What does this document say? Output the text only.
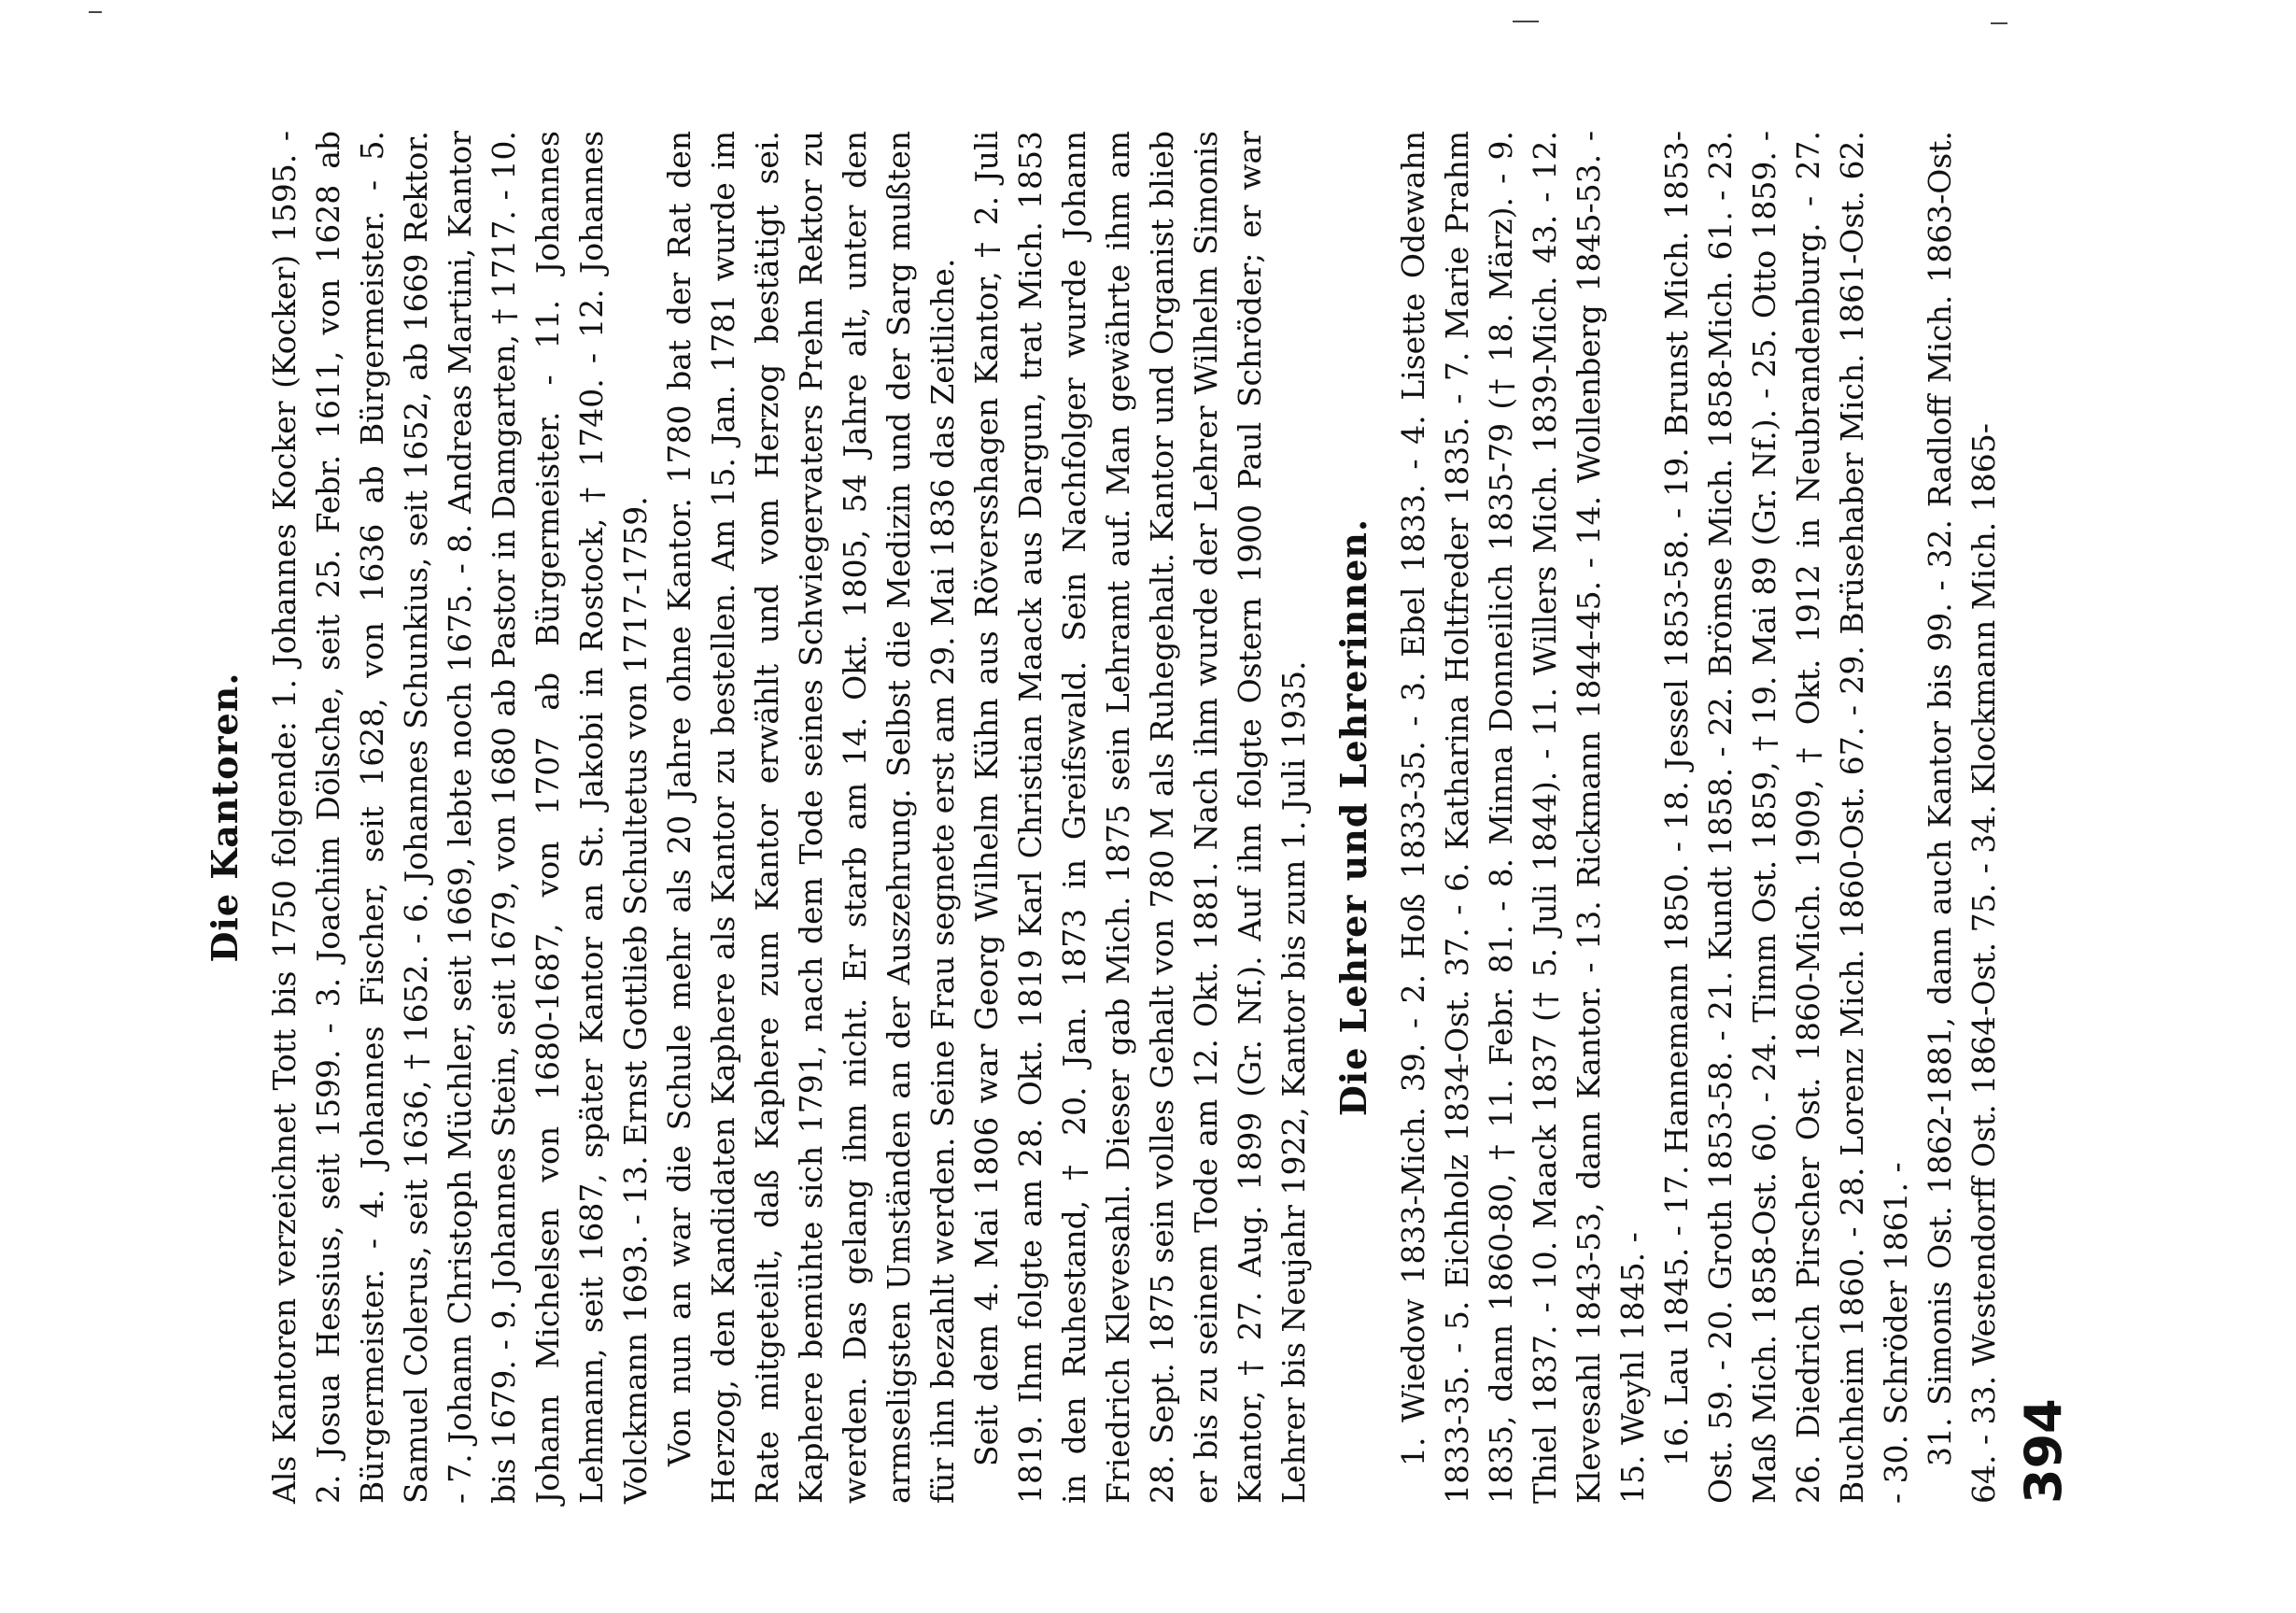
Die Kantoren. Als Kantoren verzeichnet Tott bis 1750 folgende: 1. Johannes Kocker (Kocker) 1595. - 2. Josua Hessius, seit 1599. - 3. Joachim Dölsche, seit 25. Febr. 1611, von 1628 ab Bürgermeister. - 4. Johannes Fischer, seit 1628, von 1636 ab Bürgermeister. - 5. Samuel Colerus, seit 1636, † 1652. - 6. Johannes Schunkius, seit 1652, ab 1669 Rektor. - 7. Johann Christoph Müchler, seit 1669, lebte noch 1675. - 8. Andreas Martini, Kantor bis 1679. - 9. Johannes Stein, seit 1679, von 1680 ab Pastor in Damgarten, † 1717. - 10. Johann Michelsen von 1680-1687, von 1707 ab Bürgermeister. - 11. Johannes Lehmann, seit 1687, später Kantor an St. Jakobi in Rostock, † 1740. - 12. Johannes Volckmann 1693. - 13. Ernst Gottlieb Schultetus von 1717-1759. Von nun an war die Schule mehr als 20 Jahre ohne Kantor. 1780 bat der Rat den Herzog, den Kandidaten Kaphere als Kantor zu bestellen. Am 15. Jan. 1781 wurde im Rate mitgeteilt, daß Kaphere zum Kantor erwählt und vom Herzog bestätigt sei. Kaphere bemühte sich 1791, nach dem Tode seines Schwiegervaters Prehn Rektor zu werden. Das gelang ihm nicht. Er starb am 14. Okt. 1805, 54 Jahre alt, unter den armseligsten Umständen an der Auszehrung. Selbst die Medizin und der Sarg mußten für ihn bezahlt werden. Seine Frau segnete erst am 29. Mai 1836 das Zeitliche. Seit dem 4. Mai 1806 war Georg Wilhelm Kühn aus Röversshagen Kantor, † 2. Juli 1819. Ihm folgte am 28. Okt. 1819 Karl Christian Maack aus Dargun, trat Mich. 1853 in den Ruhestand, † 20. Jan. 1873 in Greifswald. Sein Nachfolger wurde Johann Friedrich Klevesahl. Dieser gab Mich. 1875 sein Lehramt auf. Man gewährte ihm am 28. Sept. 1875 sein volles Gehalt von 780 M als Ruhegehalt. Kantor und Organist blieb er bis zu seinem Tode am 12. Okt. 1881. Nach ihm wurde der Lehrer Wilhelm Simonis Kantor, † 27. Aug. 1899 (Gr. Nf.). Auf ihn folgte Ostern 1900 Paul Schröder; er war Lehrer bis Neujahr 1922, Kantor bis zum 1. Juli 1935. Die Lehrer und Lehrerinnen. 1. Wiedow 1833-Mich. 39. - 2. Hoß 1833-35. - 3. Ebel 1833. - 4. Lisette Odewahn 1833-35. - 5. Eichholz 1834-Ost. 37. - 6. Katharina Holtfreder 1835. - 7. Marie Prahm 1835, dann 1860-80, † 11. Febr. 81. - 8. Minna Donneilich 1835-79 († 18. März). - 9. Thiel 1837. - 10. Maack 1837 († 5. Juli 1844). - 11. Willers Mich. 1839-Mich. 43. - 12. Klevesahl 1843-53, dann Kantor. - 13. Rickmann 1844-45. - 14. Wollenberg 1845-53. - 15. Weyhl 1845. - 16. Lau 1845. - 17. Hannemann 1850. - 18. Jessel 1853-58. - 19. Brunst Mich. 1853-Ost. 59. - 20. Groth 1853-58. - 21. Kundt 1858. - 22. Brömse Mich. 1858-Mich. 61. - 23. Maß Mich. 1858-Ost. 60. - 24. Timm Ost. 1859, † 19. Mai 89 (Gr. Nf.). - 25. Otto 1859. - 26. Diedrich Pirscher Ost. 1860-Mich. 1909, † Okt. 1912 in Neubrandenburg. - 27. Buchheim 1860. - 28. Lorenz Mich. 1860-Ost. 67. - 29. Brüsehaber Mich. 1861-Ost. 62. - 30. Schröder 1861. - 31. Simonis Ost. 1862-1881, dann auch Kantor bis 99. - 32. Radloff Mich. 1863-Ost. 64. - 33. Westendorff Ost. 1864-Ost. 75. - 34. Klockmann Mich. 1865- 394
